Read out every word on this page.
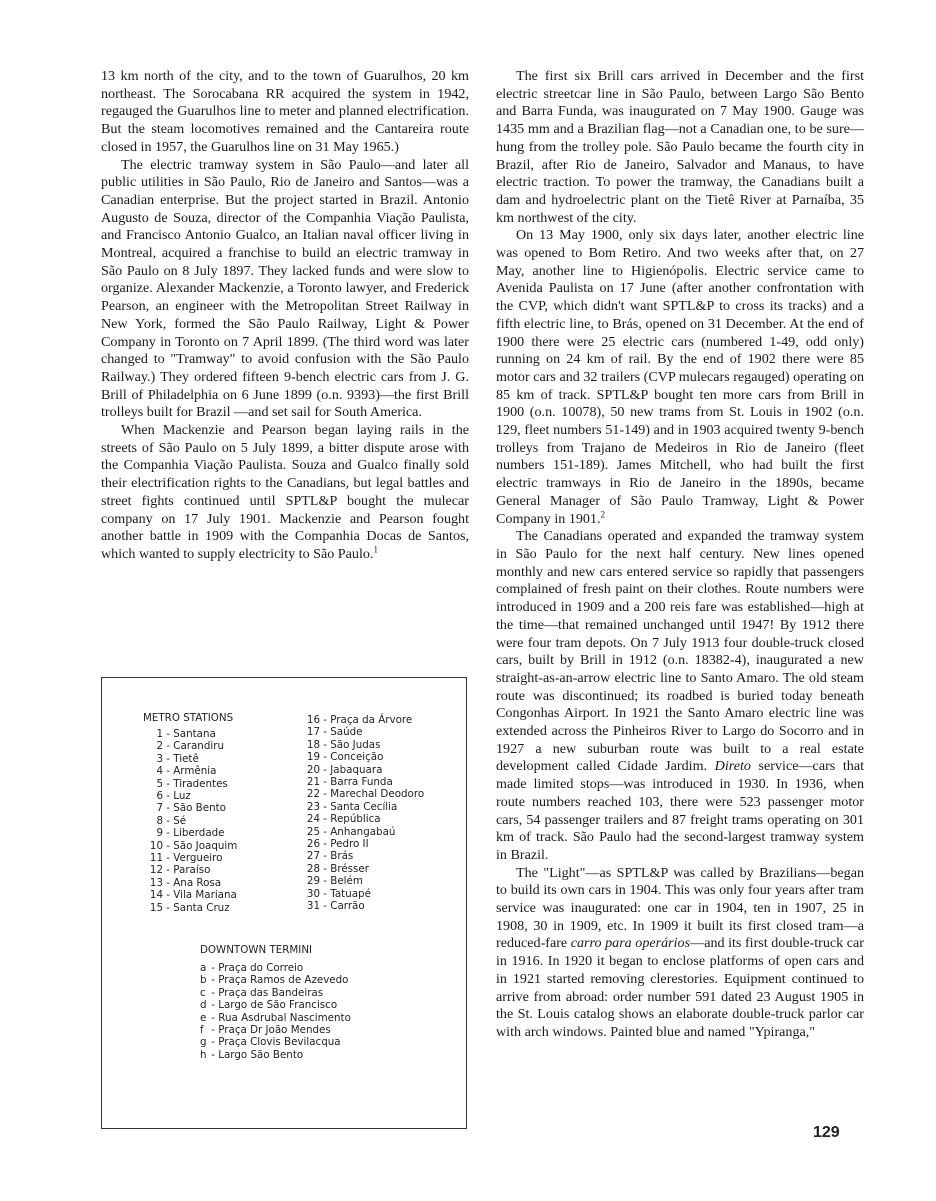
13 km north of the city, and to the town of Guarulhos, 20 km northeast. The Sorocabana RR acquired the system in 1942, regauged the Guarulhos line to meter and planned electrification. But the steam locomotives remained and the Cantareira route closed in 1957, the Guarulhos line on 31 May 1965.)

The electric tramway system in São Paulo—and later all public utilities in São Paulo, Rio de Janeiro and Santos—was a Canadian enterprise. But the project started in Brazil. Antonio Augusto de Souza, director of the Companhia Viação Paulista, and Francisco Antonio Gualco, an Italian naval officer living in Montreal, acquired a franchise to build an electric tramway in São Paulo on 8 July 1897. They lacked funds and were slow to organize. Alexander Mackenzie, a Toronto lawyer, and Frederick Pearson, an engineer with the Metropolitan Street Railway in New York, formed the São Paulo Railway, Light & Power Company in Toronto on 7 April 1899. (The third word was later changed to "Tramway" to avoid confusion with the São Paulo Railway.) They ordered fifteen 9-bench electric cars from J. G. Brill of Philadelphia on 6 June 1899 (o.n. 9393)—the first Brill trolleys built for Brazil —and set sail for South America.

When Mackenzie and Pearson began laying rails in the streets of São Paulo on 5 July 1899, a bitter dispute arose with the Companhia Viação Paulista. Souza and Gualco finally sold their electrification rights to the Canadians, but legal battles and street fights continued until SPTL&P bought the mulecar company on 17 July 1901. Mackenzie and Pearson fought another battle in 1909 with the Companhia Docas de Santos, which wanted to supply electricity to São Paulo.$^1$

METRO STATIONS
1 - Santana
2 - Carandiru
3 - Tietê
4 - Armênia
5 - Tiradentes
6 - Luz
7 - São Bento
8 - Sé
9 - Liberdade
10 - São Joaquim
11 - Vergueiro
12 - Paraíso
13 - Ana Rosa
14 - Vila Mariana
15 - Santa Cruz
16 - Praça da Árvore
17 - Saúde
18 - São Judas
19 - Conceição
20 - Jabaquara
21 - Barra Funda
22 - Marechal Deodoro
23 - Santa Cecília
24 - República
25 - Anhangabaú
26 - Pedro II
27 - Brás
28 - Brésser
29 - Belém
30 - Tatuapé
31 - Carrão
DOWNTOWN TERMINI
a - Praça do Correio
b - Praça Ramos de Azevedo
c - Praça das Bandeiras
d - Largo de São Francisco
e - Rua Asdrubal Nascimento
f - Praça Dr João Mendes
g - Praça Clovis Bevilacqua
h - Largo São Bento

The first six Brill cars arrived in December and the first electric streetcar line in São Paulo, between Largo São Bento and Barra Funda, was inaugurated on 7 May 1900. Gauge was 1435 mm and a Brazilian flag—not a Canadian one, to be sure—hung from the trolley pole. São Paulo became the fourth city in Brazil, after Rio de Janeiro, Salvador and Manaus, to have electric traction. To power the tramway, the Canadians built a dam and hydroelectric plant on the Tietê River at Parnaíba, 35 km northwest of the city.

On 13 May 1900, only six days later, another electric line was opened to Bom Retiro. And two weeks after that, on 27 May, another line to Higienópolis. Electric service came to Avenida Paulista on 17 June (after another confrontation with the CVP, which didn't want SPTL&P to cross its tracks) and a fifth electric line, to Brás, opened on 31 December. At the end of 1900 there were 25 electric cars (numbered 1-49, odd only) running on 24 km of rail. By the end of 1902 there were 85 motor cars and 32 trailers (CVP mulecars regauged) operating on 85 km of track. SPTL&P bought ten more cars from Brill in 1900 (o.n. 10078), 50 new trams from St. Louis in 1902 (o.n. 129, fleet numbers 51-149) and in 1903 acquired twenty 9-bench trolleys from Trajano de Medeiros in Rio de Janeiro (fleet numbers 151-189). James Mitchell, who had built the first electric tramways in Rio de Janeiro in the 1890s, became General Manager of São Paulo Tramway, Light & Power Company in 1901.$^2$

The Canadians operated and expanded the tramway system in São Paulo for the next half century. New lines opened monthly and new cars entered service so rapidly that passengers complained of fresh paint on their clothes. Route numbers were introduced in 1909 and a 200 reis fare was established—high at the time—that remained unchanged until 1947! By 1912 there were four tram depots. On 7 July 1913 four double-truck closed cars, built by Brill in 1912 (o.n. 18382-4), inaugurated a new straight-as-an-arrow electric line to Santo Amaro. The old steam route was discontinued; its roadbed is buried today beneath Congonhas Airport. In 1921 the Santo Amaro electric line was extended across the Pinheiros River to Largo do Socorro and in 1927 a new suburban route was built to a real estate development called Cidade Jardim. Direto service—cars that made limited stops—was introduced in 1930. In 1936, when route numbers reached 103, there were 523 passenger motor cars, 54 passenger trailers and 87 freight trams operating on 301 km of track. São Paulo had the second-largest tramway system in Brazil.

The "Light"—as SPTL&P was called by Brazilians—began to build its own cars in 1904. This was only four years after tram service was inaugurated: one car in 1904, ten in 1907, 25 in 1908, 30 in 1909, etc. In 1909 it built its first closed tram—a reduced-fare carro para operários—and its first double-truck car in 1916. In 1920 it began to enclose platforms of open cars and in 1921 started removing clerestories. Equipment continued to arrive from abroad: order number 591 dated 23 August 1905 in the St. Louis catalog shows an elaborate double-truck parlor car with arch windows. Painted blue and named "Ypiranga,"

129
